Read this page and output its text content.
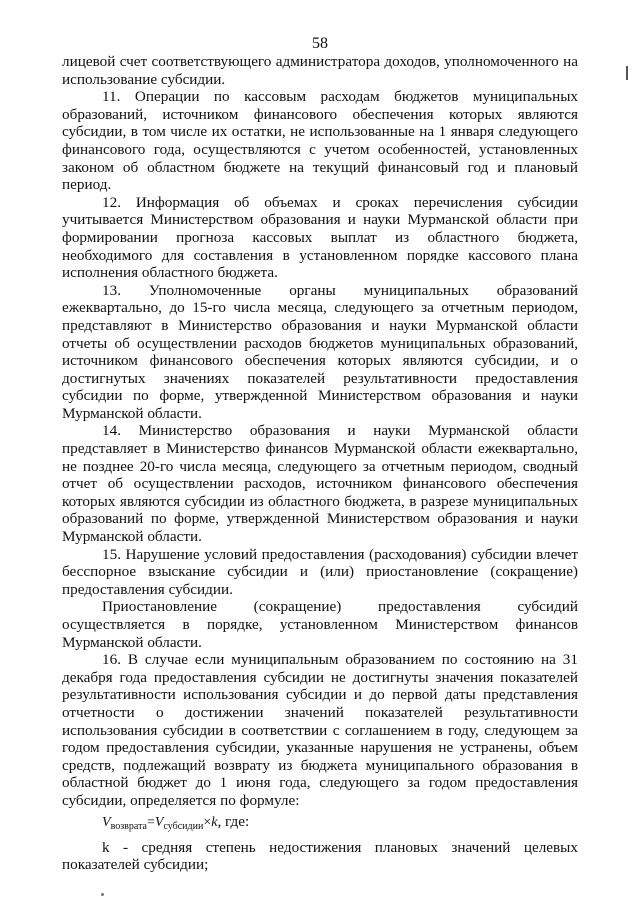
58

лицевой счет соответствующего администратора доходов, уполномоченного на использование субсидии.

11. Операции по кассовым расходам бюджетов муниципальных образований, источником финансового обеспечения которых являются субсидии, в том числе их остатки, не использованные на 1 января следующего финансового года, осуществляются с учетом особенностей, установленных законом об областном бюджете на текущий финансовый год и плановый период.

12. Информация об объемах и сроках перечисления субсидии учитывается Министерством образования и науки Мурманской области при формировании прогноза кассовых выплат из областного бюджета, необходимого для составления в установленном порядке кассового плана исполнения областного бюджета.

13. Уполномоченные органы муниципальных образований ежеквартально, до 15-го числа месяца, следующего за отчетным периодом, представляют в Министерство образования и науки Мурманской области отчеты об осуществлении расходов бюджетов муниципальных образований, источником финансового обеспечения которых являются субсидии, и о достигнутых значениях показателей результативности предоставления субсидии по форме, утвержденной Министерством образования и науки Мурманской области.

14. Министерство образования и науки Мурманской области представляет в Министерство финансов Мурманской области ежеквартально, не позднее 20-го числа месяца, следующего за отчетным периодом, сводный отчет об осуществлении расходов, источником финансового обеспечения которых являются субсидии из областного бюджета, в разрезе муниципальных образований по форме, утвержденной Министерством образования и науки Мурманской области.

15. Нарушение условий предоставления (расходования) субсидии влечет бесспорное взыскание субсидии и (или) приостановление (сокращение) предоставления субсидии.

Приостановление (сокращение) предоставления субсидий осуществляется в порядке, установленном Министерством финансов Мурманской области.

16. В случае если муниципальным образованием по состоянию на 31 декабря года предоставления субсидии не достигнуты значения показателей результативности использования субсидии и до первой даты представления отчетности о достижении значений показателей результативности использования субсидии в соответствии с соглашением в году, следующем за годом предоставления субсидии, указанные нарушения не устранены, объем средств, подлежащий возврату из бюджета муниципального образования в областной бюджет до 1 июня года, следующего за годом предоставления субсидии, определяется по формуле:

$V_{возврата}=V_{субсидии}\times k$, где:

k - средняя степень недостижения плановых значений целевых показателей субсидии;
